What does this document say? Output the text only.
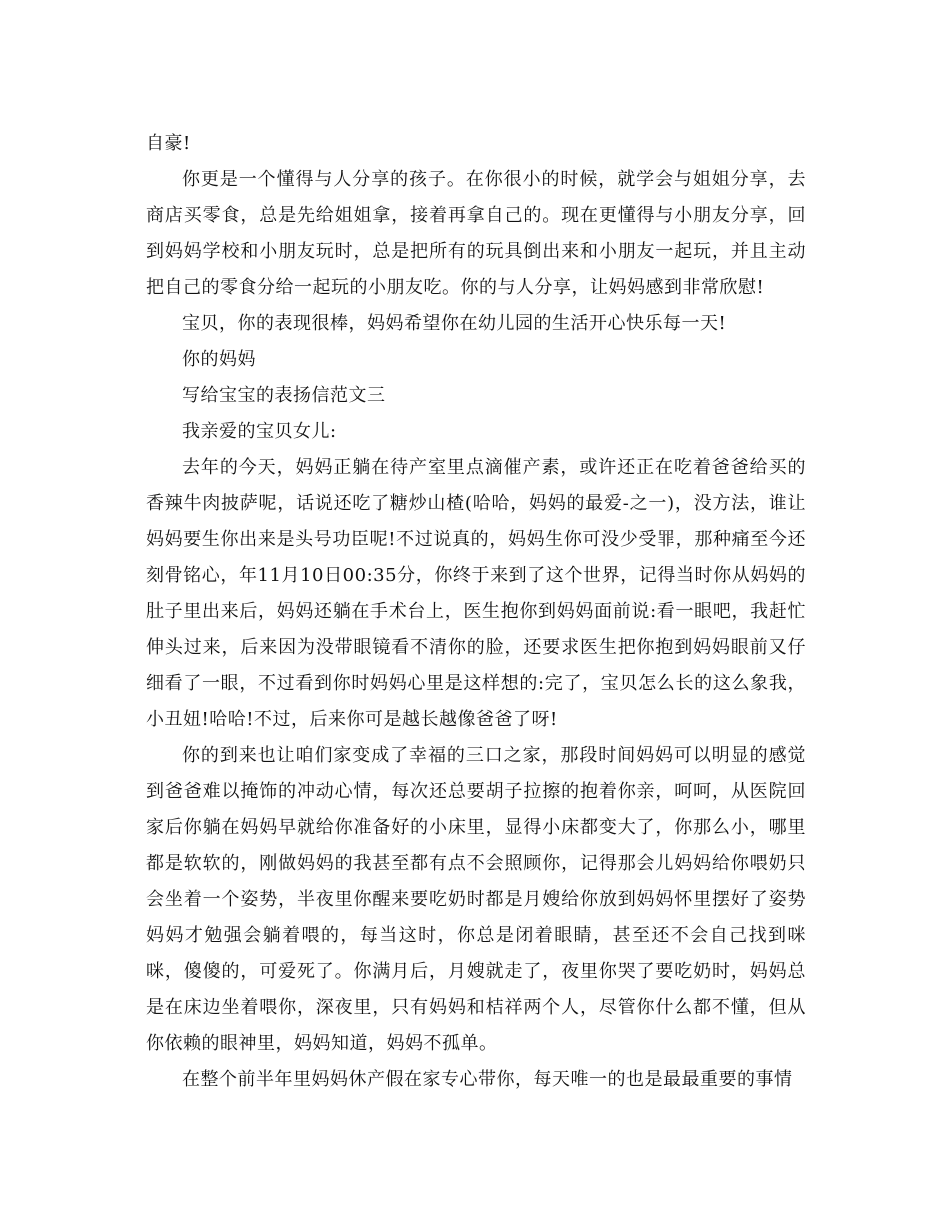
自豪!

你更是一个懂得与人分享的孩子。在你很小的时候，就学会与姐姐分享，去商店买零食，总是先给姐姐拿，接着再拿自己的。现在更懂得与小朋友分享，回到妈妈学校和小朋友玩时，总是把所有的玩具倒出来和小朋友一起玩，并且主动把自己的零食分给一起玩的小朋友吃。你的与人分享，让妈妈感到非常欣慰!

宝贝，你的表现很棒，妈妈希望你在幼儿园的生活开心快乐每一天!

你的妈妈

写给宝宝的表扬信范文三

我亲爱的宝贝女儿:

去年的今天，妈妈正躺在待产室里点滴催产素，或许还正在吃着爸爸给买的香辣牛肉披萨呢，话说还吃了糖炒山楂(哈哈，妈妈的最爱-之一)，没方法，谁让妈妈要生你出来是头号功臣呢!不过说真的，妈妈生你可没少受罪，那种痛至今还刻骨铭心，年11月10日00:35分，你终于来到了这个世界，记得当时你从妈妈的肚子里出来后，妈妈还躺在手术台上，医生抱你到妈妈面前说:看一眼吧，我赶忙伸头过来，后来因为没带眼镜看不清你的脸，还要求医生把你抱到妈妈眼前又仔细看了一眼，不过看到你时妈妈心里是这样想的:完了，宝贝怎么长的这么象我，小丑妞!哈哈!不过，后来你可是越长越像爸爸了呀!

你的到来也让咱们家变成了幸福的三口之家，那段时间妈妈可以明显的感觉到爸爸难以掩饰的冲动心情，每次还总要胡子拉擦的抱着你亲，呵呵，从医院回家后你躺在妈妈早就给你准备好的小床里，显得小床都变大了，你那么小，哪里都是软软的，刚做妈妈的我甚至都有点不会照顾你，记得那会儿妈妈给你喂奶只会坐着一个姿势，半夜里你醒来要吃奶时都是月嫂给你放到妈妈怀里摆好了姿势妈妈才勉强会躺着喂的，每当这时，你总是闭着眼睛，甚至还不会自己找到咪咪，傻傻的，可爱死了。你满月后，月嫂就走了，夜里你哭了要吃奶时，妈妈总是在床边坐着喂你，深夜里，只有妈妈和桔祥两个人，尽管你什么都不懂，但从你依赖的眼神里，妈妈知道，妈妈不孤单。

在整个前半年里妈妈休产假在家专心带你，每天唯一的也是最最重要的事情
